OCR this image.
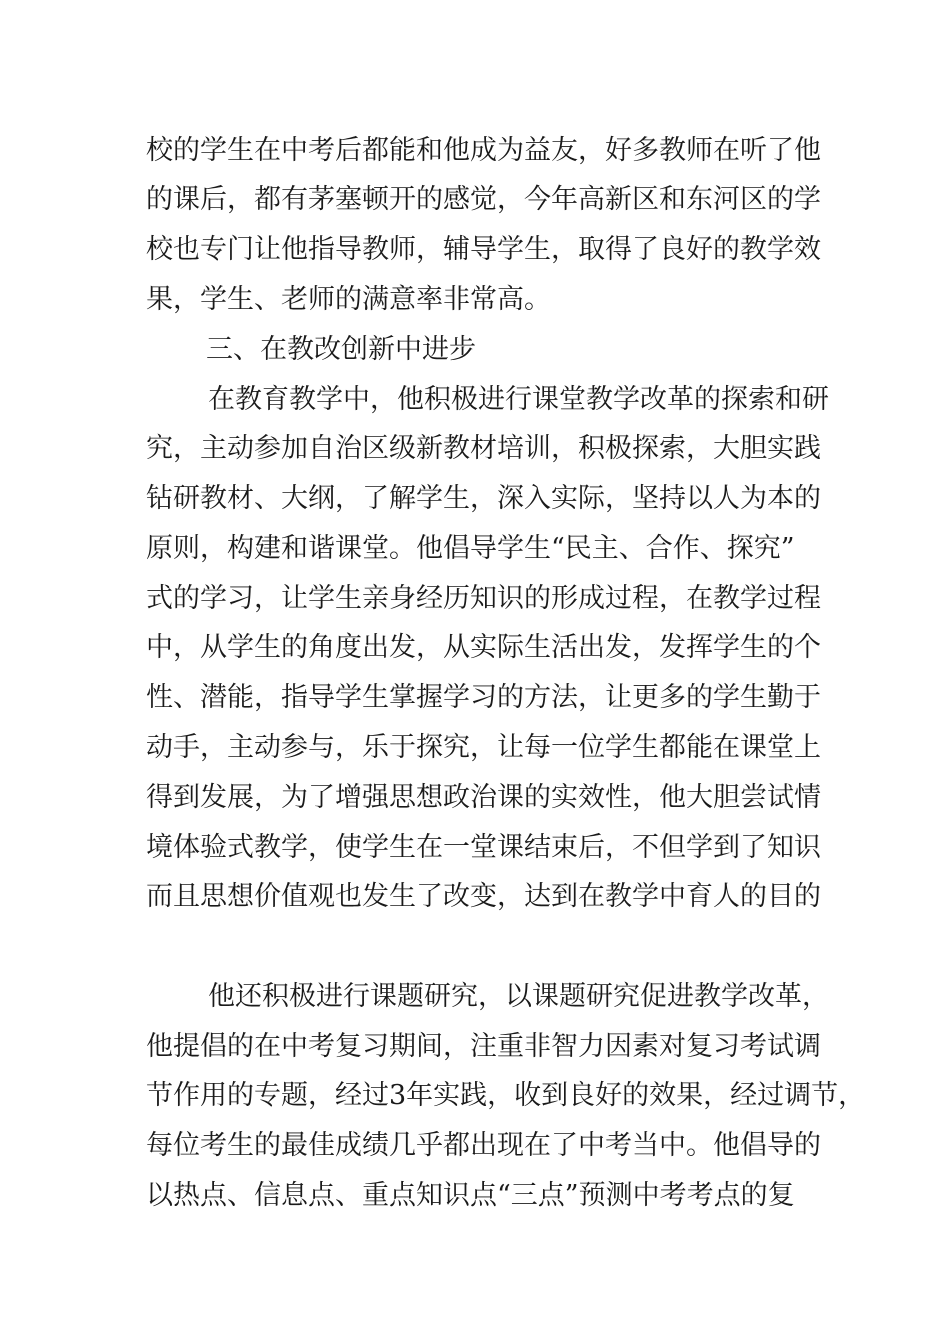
校的学生在中考后都能和他成为益友，好多教师在听了他

的课后，都有茅塞顿开的感觉，今年高新区和东河区的学

校也专门让他指导教师，辅导学生，取得了良好的教学效

果，学生、老师的满意率非常高。

三、在教改创新中进步

在教育教学中，他积极进行课堂教学改革的探索和研

究，主动参加自治区级新教材培训，积极探索，大胆实践

钻研教材、大纲，了解学生，深入实际，坚持以人为本的

原则，构建和谐课堂。他倡导学生“民主、合作、探究”

式的学习，让学生亲身经历知识的形成过程，在教学过程

中，从学生的角度出发，从实际生活出发，发挥学生的个

性、潜能，指导学生掌握学习的方法，让更多的学生勤于

动手，主动参与，乐于探究，让每一位学生都能在课堂上

得到发展，为了增强思想政治课的实效性，他大胆尝试情

境体验式教学，使学生在一堂课结束后，不但学到了知识

而且思想价值观也发生了改变，达到在教学中育人的目的

他还积极进行课题研究，以课题研究促进教学改革，

他提倡的在中考复习期间，注重非智力因素对复习考试调

节作用的专题，经过3年实践，收到良好的效果，经过调节，

每位考生的最佳成绩几乎都出现在了中考当中。他倡导的

以热点、信息点、重点知识点“三点”预测中考考点的复
